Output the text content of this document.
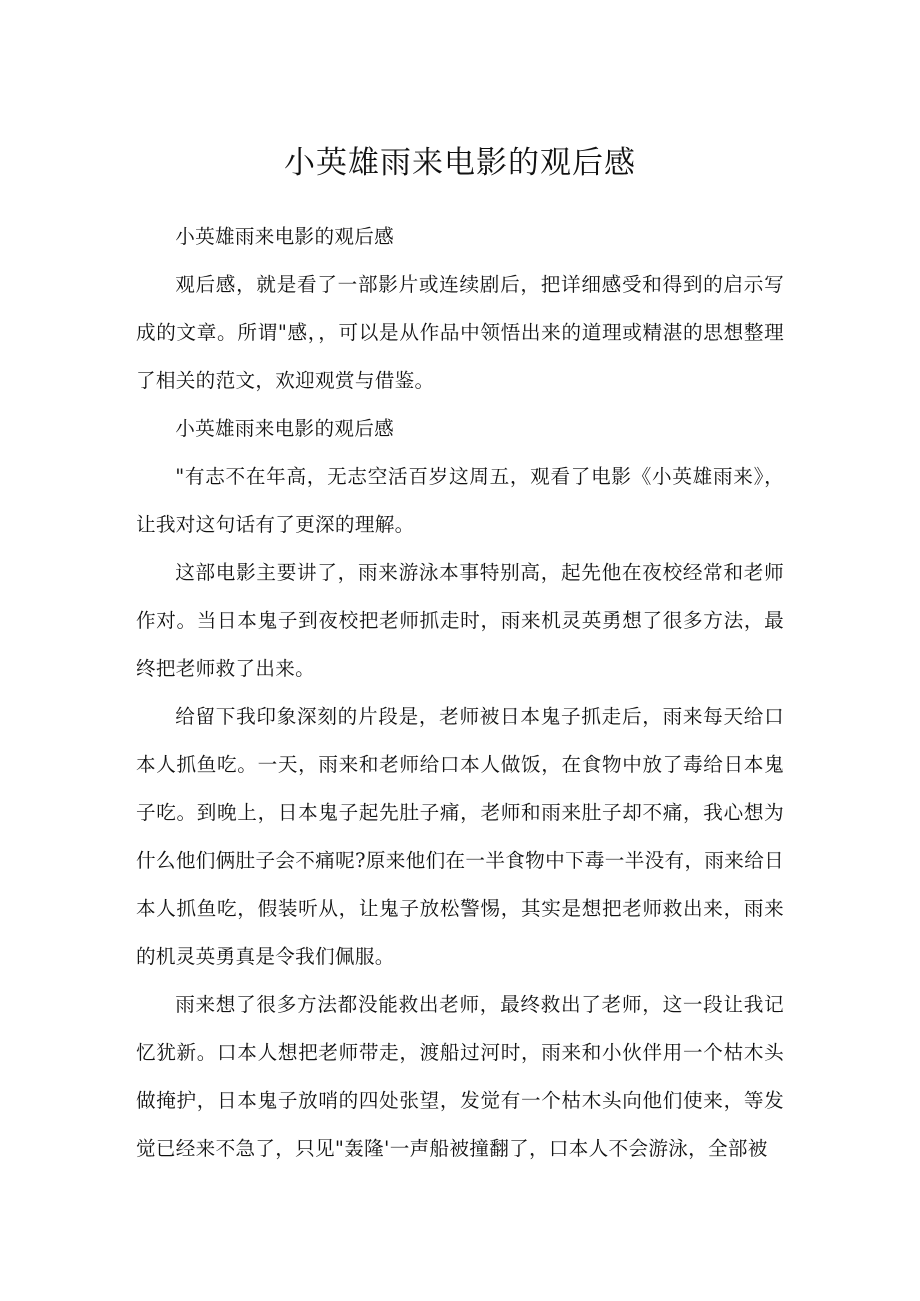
小英雄雨来电影的观后感

小英雄雨来电影的观后感

观后感，就是看了一部影片或连续剧后，把详细感受和得到的启示写成的文章。所谓"感，，可以是从作品中领悟出来的道理或精湛的思想整理了相关的范文，欢迎观赏与借鉴。

小英雄雨来电影的观后感

"有志不在年高，无志空活百岁这周五，观看了电影《小英雄雨来》，让我对这句话有了更深的理解。

这部电影主要讲了，雨来游泳本事特别高，起先他在夜校经常和老师作对。当日本鬼子到夜校把老师抓走时，雨来机灵英勇想了很多方法，最终把老师救了出来。

给留下我印象深刻的片段是，老师被日本鬼子抓走后，雨来每天给口本人抓鱼吃。一天，雨来和老师给口本人做饭，在食物中放了毒给日本鬼子吃。到晚上，日本鬼子起先肚子痛，老师和雨来肚子却不痛，我心想为什么他们俩肚子会不痛呢?原来他们在一半食物中下毒一半没有，雨来给日本人抓鱼吃，假装听从，让鬼子放松警惕，其实是想把老师救出来，雨来的机灵英勇真是令我们佩服。

雨来想了很多方法都没能救出老师，最终救出了老师，这一段让我记忆犹新。口本人想把老师带走，渡船过河时，雨来和小伙伴用一个枯木头做掩护，日本鬼子放哨的四处张望，发觉有一个枯木头向他们使来，等发觉已经来不急了，只见"轰隆'一声船被撞翻了，口本人不会游泳，全部被
